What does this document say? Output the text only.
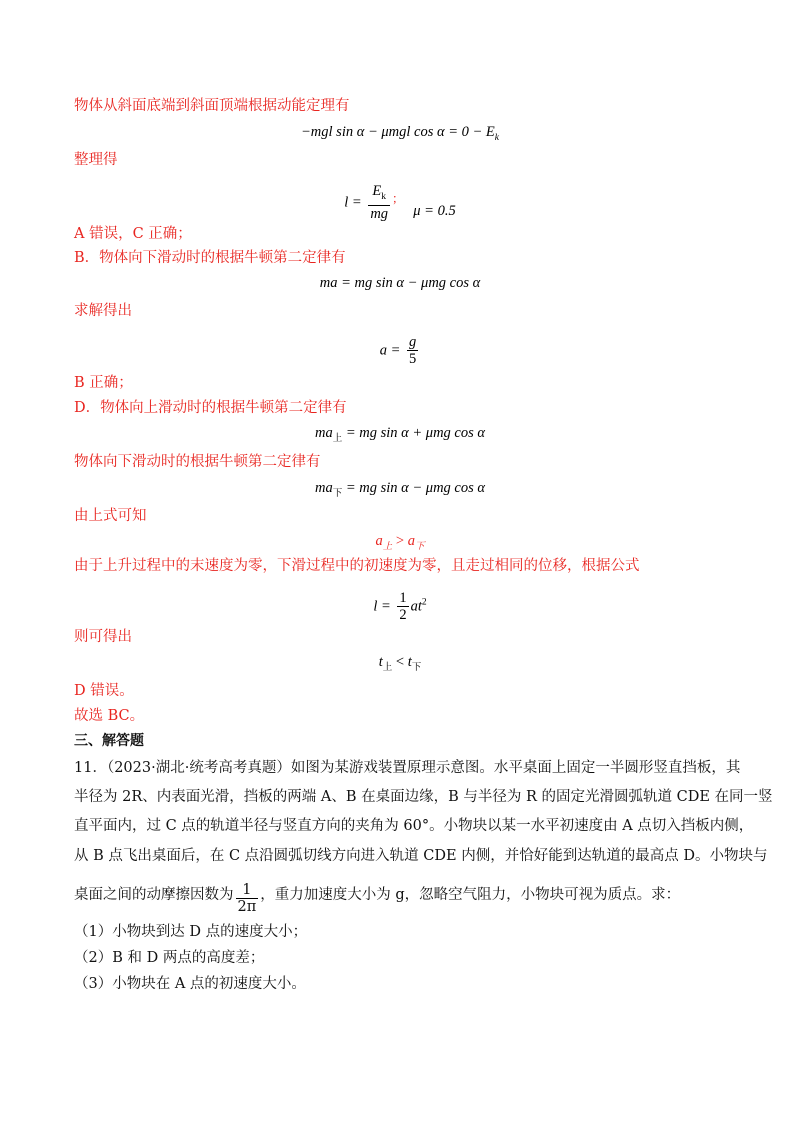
物体从斜面底端到斜面顶端根据动能定理有
−mgl sin α − μmgl $\cos \alpha = 0 - E_k$
整理得
$l = \frac{E_k}{mg} ^;$  μ = 0.5
A 错误，C 正确；
B．物体向下滑动时的根据牛顿第二定律有
ma = mg sin α − μmg cos α
求解得出
$a = \frac{g}{5}$
B 正确；
D．物体向上滑动时的根据牛顿第二定律有
$ma_上$ = mg sin α + μmg cos α
物体向下滑动时的根据牛顿第二定律有
$ma_下$ = mg sin α − μmg cos α
由上式可知
$a_上 > a_下$
由于上升过程中的末速度为零，下滑过程中的初速度为零，且走过相同的位移，根据公式
$l = \frac{1}{2} at^2$
则可得出
$t_上 < t_下$
D 错误。
故选 BC。
三、解答题
11．（2023·湖北·统考高考真题）如图为某游戏装置原理示意图。水平桌面上固定一半圆形竖直挡板，其
半径为 2R、内表面光滑，挡板的两端 A、B 在桌面边缘，B 与半径为 R 的固定光滑圆弧轨道 CDE 在同一竖
直平面内，过 C 点的轨道半径与竖直方向的夹角为 60°。小物块以某一水平初速度由 A 点切入挡板内侧，
从 B 点飞出桌面后，在 C 点沿圆弧切线方向进入轨道 CDE 内侧，并恰好能到达轨道的最高点 D。小物块与
桌面之间的动摩擦因数为 $\frac{1}{2\pi}$ ，重力加速度大小为 g，忽略空气阻力，小物块可视为质点。求：
（1）小物块到达 D 点的速度大小；
（2）B 和 D 两点的高度差；
（3）小物块在 A 点的初速度大小。
